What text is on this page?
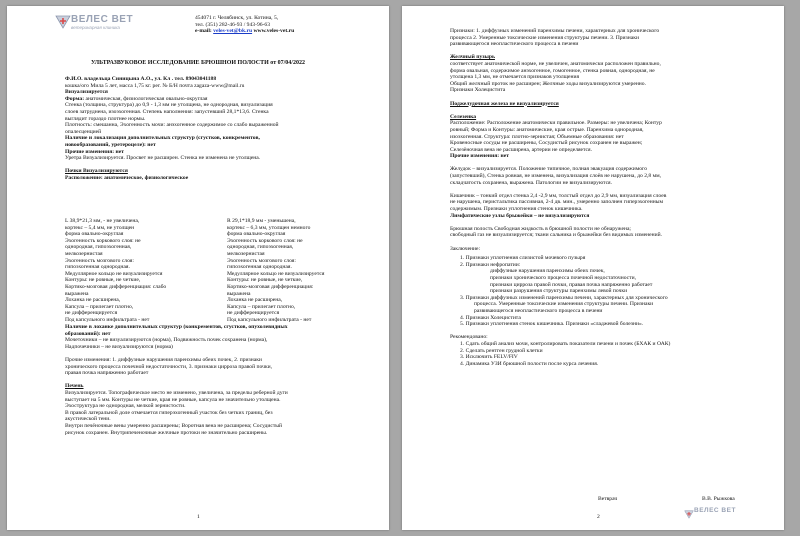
ВЕЛЕС ВЕТ
ветеринарная клиника
454071 г. Челябинск, ул. Котина, 5,
тел. (351) 282-46-93 / 943-96-63
e-mail: veles-vet@bk.ru www.veles-vet.ru
УЛЬТРАЗВУКОВОЕ ИССЛЕДОВАНИЕ БРЮШНОЙ ПОЛОСТИ от 07/04/2022
Ф.И.О. владельца Синицына А.О., ул. Кл . тел. 89043041188
кошка/ого Мила 5 лет, масса 1,75 кг. рег. № Б/Н почта zagaza-www@mail.ru
Визуализируется
Форма: анатомическая, физиологическая овально-округлая
Стенка (толщина, структура) до 0,9 - 1,3 мм не утолщена, не однородная, визуализация
слоев затруднена, изоэхогенная. Степень наполнения: запустевший 28,1*13,6. Стенка
выглядит гораздо плотнее нормы.
Плотность: смешанна, Эхогенность мочи: анэхогенное содержимое со слабо выраженной
опалесценцией
Наличие и локализация дополнительных структур (сгустков, конкрементов,
новообразований, уретероцеле): нет
Прочие изменения: нет
Уретра Визуализируется. Просвет не расширен. Стенка не изменена не утолщена.
Почки Визуализируются
Расположение: анатомическое, физиологическое
L 38,9*21,3 мм, - не увеличена,
кортекс – 5,4 мм, не утолщен
форма овально-округлая
Эхогенность коркового слоя: не
однородная, гипоэхогенная,
мелкозернистая
Эхогенность мозгового слоя:
гипоэхогенная однородная.
Медуллярное кольцо не визуализируется
Контуры: не ровные, не четкие,
Кортико-мозговая дифференциация: слабо
выражена
Лоханка не расширена,
Капсула – прилегает плотно,
не дифференцируется
Под капсульного инфильтрата - нет
R 29,1*18,9 мм - уменьшена,
кортекс – 6,3 мм, утолщен немного
форма овально-округлая
Эхогенность коркового слоя: не
однородная, гипоэхогенная,
мелкозернистая
Эхогенность мозгового слоя:
гипоэхогенная однородная.
Медуллярное кольцо не визуализируется
Контуры: не ровные, не четкие,
Кортико-мозговая дифференциация:
выражена
Лоханка не расширена,
Капсула – прилегает плотно,
не дифференцируется
Под капсульного инфильтрата - нет
Наличие в лоханке дополнительных структур (конкрементов, сгустков, опухолевидных
образований): нет
Мочеточники – не визуализируются (норма), Подвижность почек сохранена (норма),
Надпочечники – не визуализируются (норма)
Прочие изменения: 1. диффузные нарушения паренхимы обеих почек, 2. признаки
хронического процесса почечной недостаточности, 3. признаки цирроза правой почки,
правая почка напряженно работает
Печень
Визуализируется. Топографическое место не изменено, увеличена, за пределы реберной дуги
выступает на 5 мм. Контуры не четкие, края не ровные, капсула не значительно утолщена.
Эхоструктура не однородная, мелкой зернистости.
В правой латеральной доле отмечается гиперэхогенный участок без четких границ, без
акустической тени.
Внутри печёночные вены умеренно расширены; Воротная вена не расширена; Сосудистый
рисунок сохранен. Внутрипеченочные желчные протоки не значительно расширены.
1
Признаки: 1. диффузных изменений паренхимы печени, характерных для хронического
процесса 2. Умеренные токсические изменения структуры печени. 3. Признаки
развивающегося неопластического процесса в печени
Желчный пузырь
соответствует анатомической норме, не увеличен, анатомически расположен правильно,
форма овальная, содержимое анэхогенное, гомогенное, стенка ровная, однородная, не
утолщена 1,3 мм, не отмечается признаков утолщения
Общий желчный проток не расширен; Желчные ходы визуализируются умеренно.
Признаки Холецистита
Поджелудочная железа не визуализируется
Селезенка
Расположение: Расположение анатомически правильное. Размеры: не увеличена; Контур
ровный; Форма и Контуры: анатомические, края острые. Паренхима однородная,
изоэхогенная. Структура: плотно-зернистая; Объемные образования: нет
Кровеносные сосуды не расширены, Сосудистый рисунок сохранен не выражен;
Селезёночная вена не расширена, артерии не определяется.
Прочие изменения: нет
Желудок – визуализируется. Положение типичное, полная эвакуация содержимого
(запустевший), Стенка ровная, не изменена, визуализация слоёв не нарушена, до 2,8 мм,
складчатость сохранена, выражена. Патологии не визуализируются.
Кишечник – тонкий отдел стенка 2,4 -2,9 мм, толстый отдел до 2,9 мм, визуализация слоев
не нарушена, перистальтика пассивная, 2-4 дв. мин., умеренно заполнен гиперэхогенным
содержимым. Признаки уплотнения стенок кишечника.
Лимфатические узлы брыжейки – не визуализируются
Брюшная полость Свободная жидкость в брюшной полости не обнаружена;
свободный газ не визуализируется; ткани сальника и брыжейки без видимых изменений.
Заключение:
1. Признаки уплотнения слизистой мочевого пузыря
2. Признаки нефропатии:
диффузные нарушения паренхимы обеих почек,
признаки хронического процесса почечной недостаточности,
признаки цирроза правой почки, правая почка напряженно работает
признаки разрушения структуры паренхимы левой почки
3. Признаки диффузных изменений паренхимы печени, характерных для хронического
процесса. Умеренные токсические изменения структуры печени. Признаки
развивающегося неопластического процесса в печени
4. Признаки Холецистита
5. Признаки уплотнения стенок кишечника. Признаки «сладжевой болезни».
Рекомендовано:
1. Сдать общий анализ мочи, контролировать показатели печени и почек (БХАК и ОАК)
2. Сделать рентген грудной клетки
3. Исключить FELV/FIV
4. Динамика УЗИ брюшной полости после курса лечения.
Ветврач	В.В. Рыжкова
ВЕЛЕС ВЕТ
2
